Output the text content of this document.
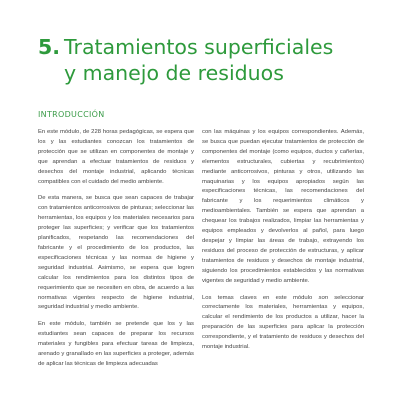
5. Tratamientos superficiales
y manejo de residuos
INTRODUCCIÓN

En este módulo, de 228 horas pedagógicas, se espera que los y las estudiantes conozcan los tratamientos de protección que se utilizan en componentes de montaje y que aprendan a efectuar tratamientos de residuos y desechos del montaje industrial, aplicando técnicas compatibles con el cuidado del medio ambiente.

De esta manera, se busca que sean capaces de trabajar con tratamientos anticorrosivos de pinturas; seleccionar las herramientas, los equipos y los materiales necesarios para proteger las superficies; y verificar que los tratamientos planificados, respetando las recomendaciones del fabricante y el procedimiento de los productos, las especificaciones técnicas y las normas de higiene y seguridad industrial. Asimismo, se espera que logren calcular los rendimientos para los distintos tipos de requerimiento que se necesiten en obra, de acuerdo a las normativas vigentes respecto de higiene industrial, seguridad industrial y medio ambiente.

En este módulo, también se pretende que los y las estudiantes sean capaces de preparar los recursos materiales y fungibles para efectuar tareas de limpieza, arenado y granallado en las superficies a proteger, además de aplicar las técnicas de limpieza adecuadas

con las máquinas y los equipos correspondientes. Además, se busca que puedan ejecutar tratamientos de protección de componentes del montaje (como equipos, ductos y cañerías, elementos estructurales, cubiertas y recubrimientos) mediante anticorrosivos, pinturas y otros, utilizando las maquinarias y los equipos apropiados según las especificaciones técnicas, las recomendaciones del fabricante y los requerimientos climáticos y medioambientales. También se espera que aprendan a chequear los trabajos realizados, limpiar las herramientas y equipos empleados y devolverlos al pañol, para luego despejar y limpiar las áreas de trabajo, extrayendo los residuos del proceso de protección de estructuras, y aplicar tratamientos de residuos y desechos de montaje industrial, siguiendo los procedimientos establecidos y las normativas vigentes de seguridad y medio ambiente.

Los temas claves en este módulo son seleccionar correctamente los materiales, herramientas y equipos, calcular el rendimiento de los productos a utilizar, hacer la preparación de las superficies para aplicar la protección correspondiente, y el tratamiento de residuos y desechos del montaje industrial.
